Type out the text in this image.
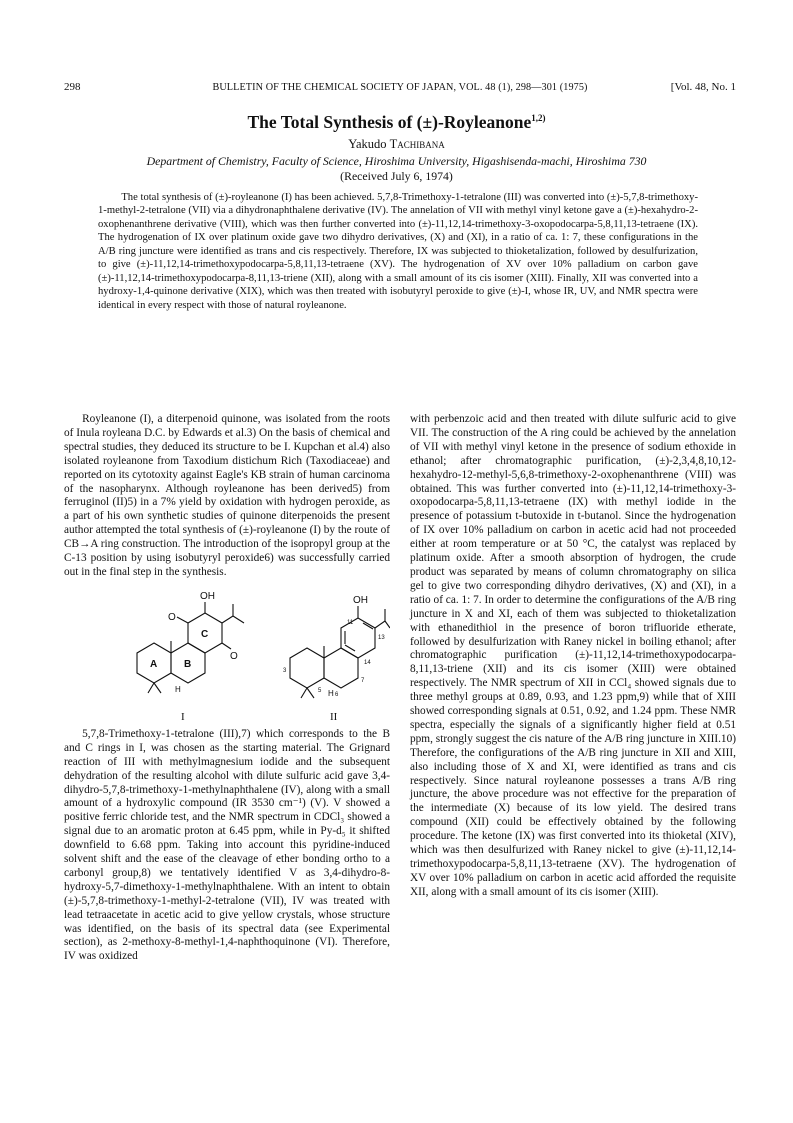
298	BULLETIN OF THE CHEMICAL SOCIETY OF JAPAN, VOL. 48 (1), 298—301 (1975)	[Vol. 48, No. 1
The Total Synthesis of (±)-Royleanone$^{1,2)}$
Yakudo Tachibana
Department of Chemistry, Faculty of Science, Hiroshima University, Higashisenda-machi, Hiroshima 730
(Received July 6, 1974)

The total synthesis of (±)-royleanone (I) has been achieved. 5,7,8-Trimethoxy-1-tetralone (III) was converted into (±)-5,7,8-trimethoxy-1-methyl-2-tetralone (VII) via a dihydronaphthalene derivative (IV). The annelation of VII with methyl vinyl ketone gave a (±)-hexahydro-2-oxophenanthrene derivative (VIII), which was then further converted into (±)-11,12,14-trimethoxy-3-oxopodocarpa-5,8,11,13-tetraene (IX). The hydrogenation of IX over platinum oxide gave two dihydro derivatives, (X) and (XI), in a ratio of ca. 1: 7, these configurations in the A/B ring juncture were identified as trans and cis respectively. Therefore, IX was subjected to thioketalization, followed by desulfurization, to give (±)-11,12,14-trimethoxypodocarpa-5,8,11,13-tetraene (XV). The hydrogenation of XV over 10% palladium on carbon gave (±)-11,12,14-trimethoxypodocarpa-8,11,13-triene (XII), along with a small amount of its cis isomer (XIII). Finally, XII was converted into a hydroxy-1,4-quinone derivative (XIX), which was then treated with isobutyryl peroxide to give (±)-I, whose IR, UV, and NMR spectra were identical in every respect with those of natural royleanone.

Royleanone (I), a diterpenoid quinone, was isolated from the roots of Inula royleana D.C. by Edwards et al.3) On the basis of chemical and spectral studies, they deduced its structure to be I. Kupchan et al.4) also isolated royleanone from Taxodium distichum Rich (Taxodiaceae) and reported on its cytotoxity against Eagle's KB strain of human carcinoma of the nasopharynx. Although royleanone has been derived5) from ferruginol (II)5) in a 7% yield by oxidation with hydrogen peroxide, as a part of his own synthetic studies of quinone diterpenoids the present author attempted the total synthesis of (±)-royleanone (I) by the route of CB→A ring construction. The introduction of the isopropyl group at the C-13 position by using isobutyryl peroxide6) was successfully carried out in the final step in the synthesis.

OH
O
O
A	B
C
H
I
OH
11
13
14
3
5
6
7
H
II

5,7,8-Trimethoxy-1-tetralone (III),7) which corresponds to the B and C rings in I, was chosen as the starting material. The Grignard reaction of III with methylmagnesium iodide and the subsequent dehydration of the resulting alcohol with dilute sulfuric acid gave 3,4-dihydro-5,7,8-trimethoxy-1-methylnaphthalene (IV), along with a small amount of a hydroxylic compound (IR 3530 cm⁻¹) (V). V showed a positive ferric chloride test, and the NMR spectrum in CDCl₃ showed a signal due to an aromatic proton at 6.45 ppm, while in Py-d₅ it shifted downfield to 6.68 ppm. Taking into account this pyridine-induced solvent shift and the ease of the cleavage of ether bonding ortho to a carbonyl group,8) we tentatively identified V as 3,4-dihydro-8-hydroxy-5,7-dimethoxy-1-methylnaphthalene. With an intent to obtain (±)-5,7,8-trimethoxy-1-methyl-2-tetralone (VII), IV was treated with lead tetraacetate in acetic acid to give yellow crystals, whose structure was identified, on the basis of its spectral data (see Experimental section), as 2-methoxy-8-methyl-1,4-naphthoquinone (VI). Therefore, IV was oxidized

with perbenzoic acid and then treated with dilute sulfuric acid to give VII. The construction of the A ring could be achieved by the annelation of VII with methyl vinyl ketone in the presence of sodium ethoxide in ethanol; after chromatographic purification, (±)-2,3,4,8,10,12-hexahydro-12-methyl-5,6,8-trimethoxy-2-oxophenanthrene (VIII) was obtained. This was further converted into (±)-11,12,14-trimethoxy-3-oxopodocarpa-5,8,11,13-tetraene (IX) with methyl iodide in the presence of potassium t-butoxide in t-butanol. Since the hydrogenation of IX over 10% palladium on carbon in acetic acid had not proceeded either at room temperature or at 50 °C, the catalyst was replaced by platinum oxide. After a smooth absorption of hydrogen, the crude product was separated by means of column chromatography on silica gel to give two corresponding dihydro derivatives, (X) and (XI), in a ratio of ca. 1: 7. In order to determine the configurations of the A/B ring juncture in X and XI, each of them was subjected to thioketalization with ethanedithiol in the presence of boron trifluoride etherate, followed by desulfurization with Raney nickel in boiling ethanol; after chromatographic purification (±)-11,12,14-trimethoxypodocarpa-8,11,13-triene (XII) and its cis isomer (XIII) were obtained respectively. The NMR spectrum of XII in CCl₄ showed signals due to three methyl groups at 0.89, 0.93, and 1.23 ppm,9) while that of XIII showed corresponding signals at 0.51, 0.92, and 1.24 ppm. These NMR spectra, especially the signals of a significantly higher field at 0.51 ppm, strongly suggest the cis nature of the A/B ring juncture in XIII.10) Therefore, the configurations of the A/B ring juncture in XII and XIII, also including those of X and XI, were identified as trans and cis respectively. Since natural royleanone possesses a trans A/B ring juncture, the above procedure was not effective for the preparation of the intermediate (X) because of its low yield. The desired trans compound (XII) could be effectively obtained by the following procedure. The ketone (IX) was first converted into its thioketal (XIV), which was then desulfurized with Raney nickel to give (±)-11,12,14-trimethoxypodocarpa-5,8,11,13-tetraene (XV). The hydrogenation of XV over 10% palladium on carbon in acetic acid afforded the requisite XII, along with a small amount of its cis isomer (XIII).
